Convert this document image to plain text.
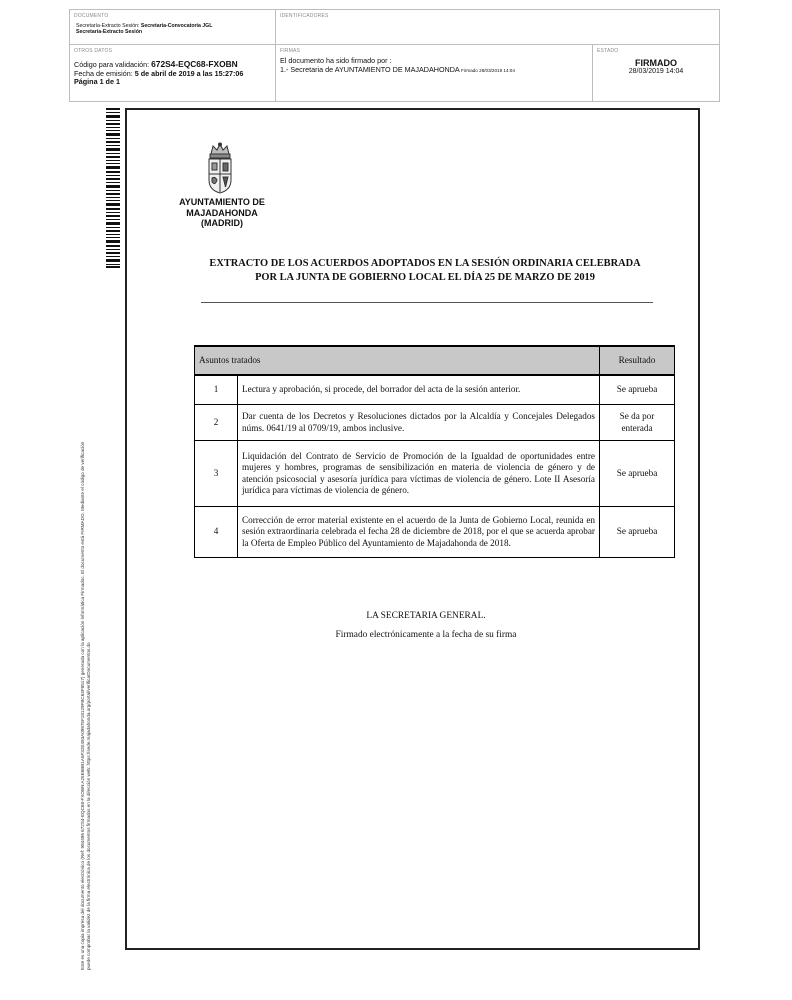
DOCUMENTO
Secretaría-Extracto Sesión: Secretaría-Convocatoria JGL
Secretaría-Extracto Sesión
IDENTIFICADORES
OTROS DATOS
Código para validación: 672S4-EQC68-FXOBN
Fecha de emisión: 5 de abril de 2019 a las 15:27:06
Página 1 de 1
FIRMAS
El documento ha sido firmado por :
1.- Secretaria de AYUNTAMIENTO DE MAJADAHONDA Firmado 28/03/2019 14:04
ESTADO
FIRMADO
28/03/2019 14:04
Este es una copia impresa del documento electrónico (Ref: 984496 672S4-EQC68-FXOBN A25E6BB1A5F32E493A09875F18129FBC63F8517) generada con la aplicación informática Firmadoc. El documento está FIRMADO. Mediante el código de verificación puede comprobar la validez de la firma electrónica de los documentos firmados en la dirección web: https://sede.majadahonda.org/portal/verificarDocumentos.do
AYUNTAMIENTO DE
MAJADAHONDA
(MADRID)
EXTRACTO DE LOS ACUERDOS ADOPTADOS EN LA SESIÓN ORDINARIA CELEBRADA
POR LA JUNTA DE GOBIERNO LOCAL EL DÍA 25 DE MARZO DE 2019
Asuntos tratados		Resultado
1	Lectura y aprobación, si procede, del borrador del acta de la sesión anterior.	Se aprueba
2	Dar cuenta de los Decretos y Resoluciones dictados por la Alcaldía y Concejales Delegados núms. 0641/19 al 0709/19, ambos inclusive.	Se da por enterada
3	Liquidación del Contrato de Servicio de Promoción de la Igualdad de oportunidades entre mujeres y hombres, programas de sensibilización en materia de violencia de género y de atención psicosocial y asesoría jurídica para víctimas de violencia de género. Lote II Asesoría jurídica para víctimas de violencia de género.	Se aprueba
4	Corrección de error material existente en el acuerdo de la Junta de Gobierno Local, reunida en sesión extraordinaria celebrada el fecha 28 de diciembre de 2018, por el que se acuerda aprobar la Oferta de Empleo Público del Ayuntamiento de Majadahonda de 2018.	Se aprueba
LA SECRETARIA GENERAL.
Firmado electrónicamente a la fecha de su firma
